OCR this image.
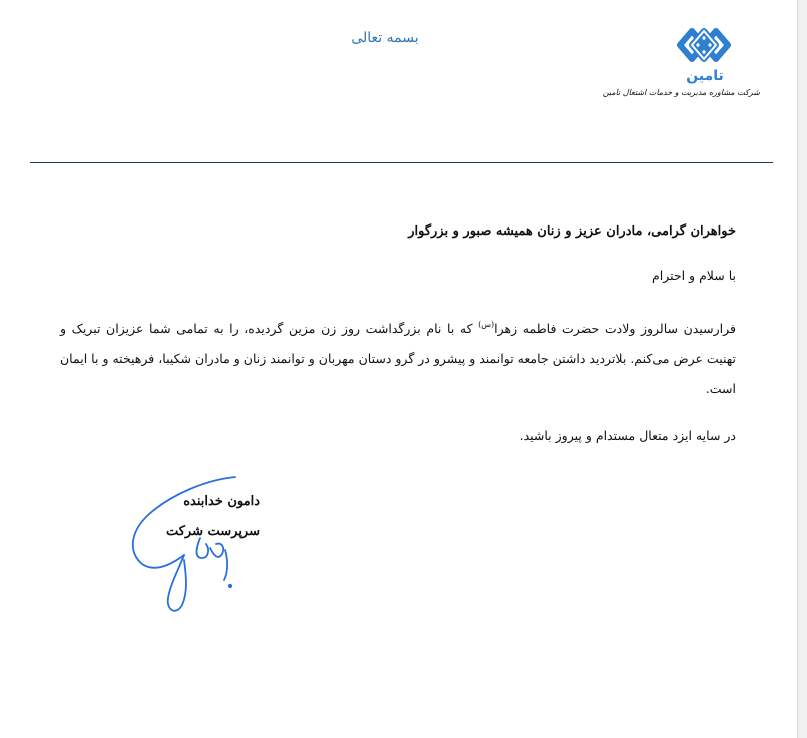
بسمه تعالی
تامین
شرکت مشاوره مدیریت و خدمات اشتغال تامین
خواهران گرامی، مادران عزیز و زنان همیشه صبور و بزرگوار
با سلام و احترام
فرارسیدن سالروز ولادت حضرت فاطمه زهرا$^{(س)}$ که با نام بزرگداشت روز زن مزین گردیده، را به تمامی شما عزیزان تبریک و تهنیت عرض می‌کنم. بلاتردید داشتن جامعه توانمند و پیشرو در گرو دستان مهربان و توانمند زنان و مادران شکیبا، فرهیخته و با ایمان است.
در سایه ایزد متعال مستدام و پیروز باشید.
دامون خدابنده
سرپرست شرکت
